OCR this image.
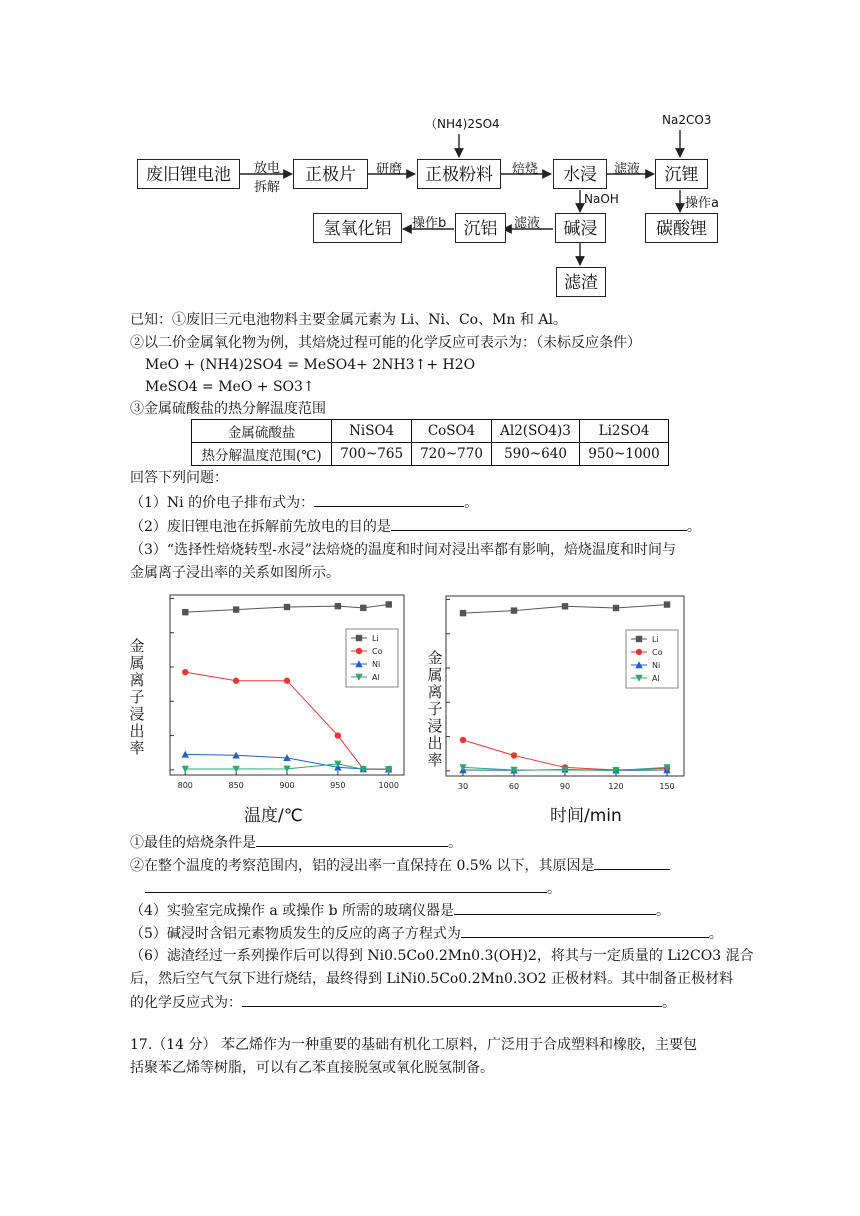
废旧锂电池	正极片	正极粉料	水浸	沉锂
碳酸锂
碱浸
沉铝
氢氧化铝
滤渣
放电
拆解
研磨	焙烧	滤液
滤液
NaOH	操作a
操作b
（NH4)2SO4	Na2CO3
已知：①废旧三元电池物料主要金属元素为 Li、Ni、Co、Mn 和 Al。
②以二价金属氧化物为例，其焙烧过程可能的化学反应可表示为：（未标反应条件）
MeO + (NH4)2SO4 = MeSO4+ 2NH3↑+ H2O
MeSO4 = MeO + SO3↑
③金属硫酸盐的热分解温度范围
金属硫酸盐	NiSO4	CoSO4	Al2(SO4)3	Li2SO4
热分解温度范围(℃)	700~765	720~770	590~640	950~1000
回答下列问题：
（1）Ni 的价电子排布式为：	。
（2）废旧锂电池在拆解前先放电的目的是	。
（3）“选择性焙烧转型-水浸”法焙烧的温度和时间对浸出率都有影响，焙烧温度和时间与
金属离子浸出率的关系如图所示。
800	850	900	950	1000
Li
Co
Ni
Al
30	60	90	120	150
Li
Co
Ni
Al
金属离子浸出率
金属离子浸出率
温度/℃	时间/min
①最佳的焙烧条件是	。
②在整个温度的考察范围内，铝的浸出率一直保持在 0.5% 以下，其原因是
。
（4）实验室完成操作 a 或操作 b 所需的玻璃仪器是	。
（5）碱浸时含铝元素物质发生的反应的离子方程式为	。
（6）滤渣经过一系列操作后可以得到 Ni0.5Co0.2Mn0.3(OH)2，将其与一定质量的 Li2CO3 混合
后，然后空气气氛下进行烧结，最终得到 LiNi0.5Co0.2Mn0.3O2 正极材料。其中制备正极材料
的化学反应式为：	。
17.（14 分） 苯乙烯作为一种重要的基础有机化工原料，广泛用于合成塑料和橡胶，主要包
括聚苯乙烯等树脂，可以有乙苯直接脱氢或氧化脱氢制备。
